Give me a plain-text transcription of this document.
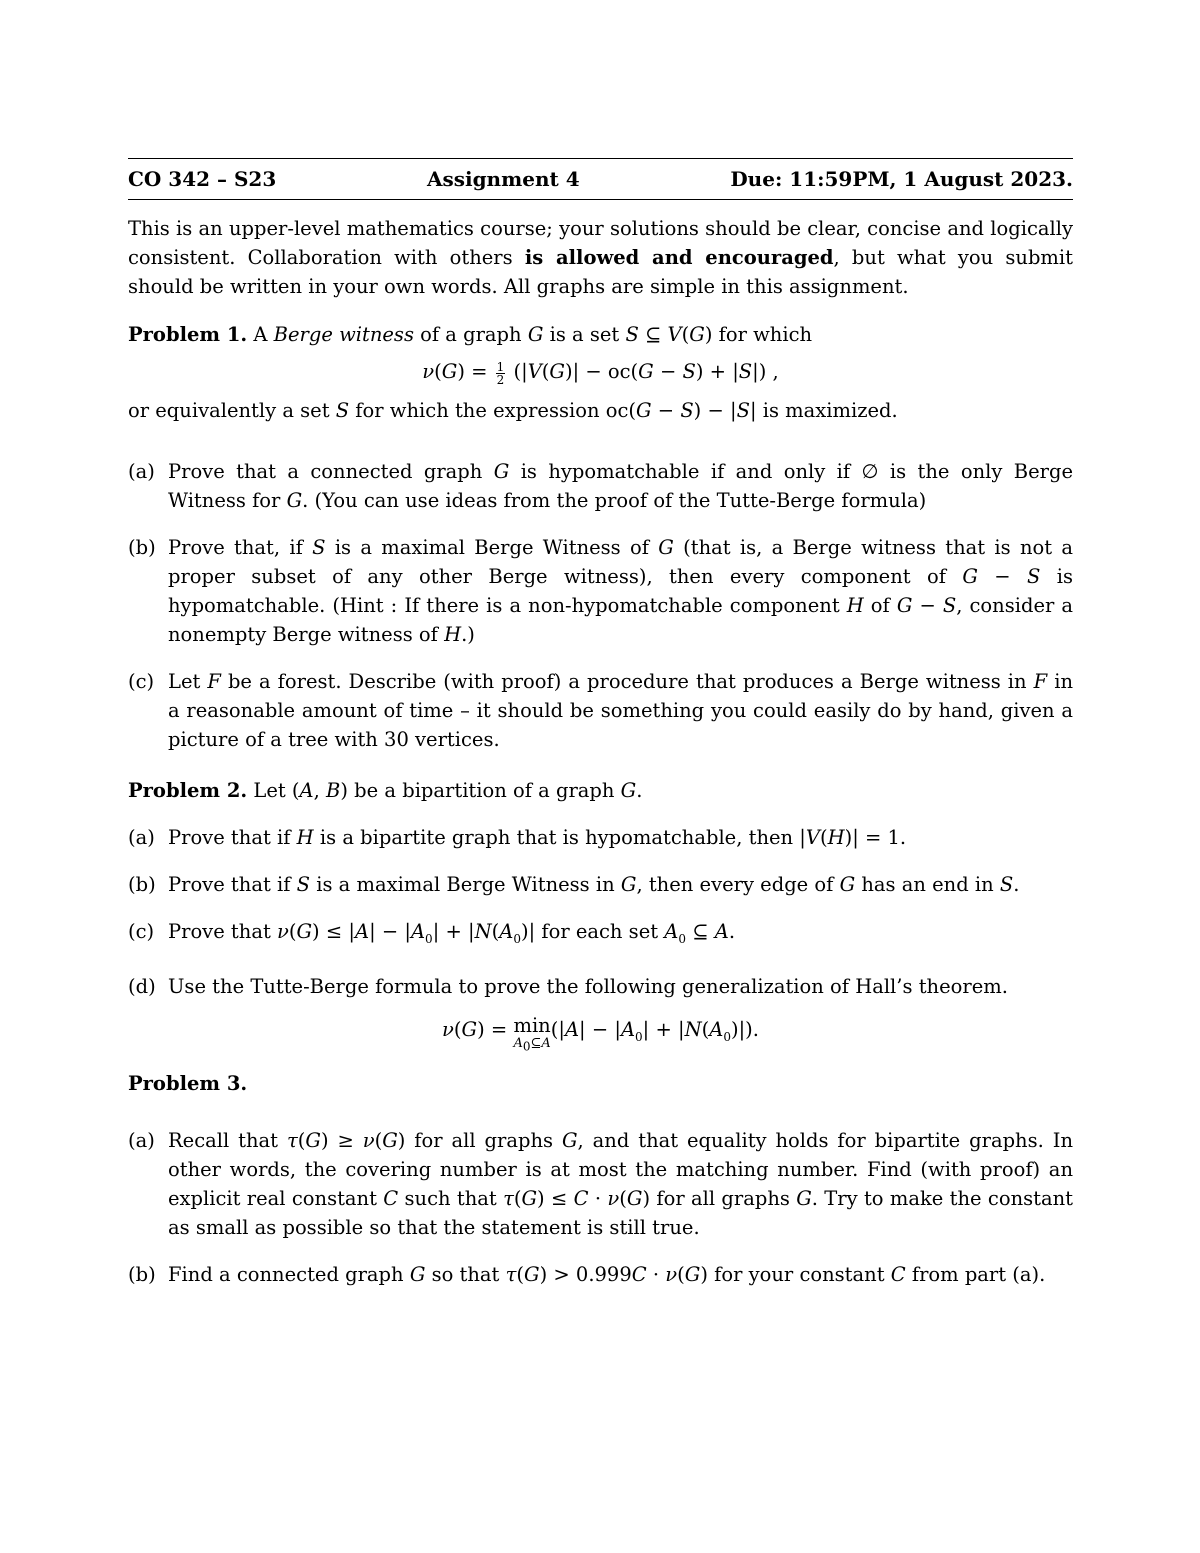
CO 342 – S23	Assignment 4	Due: 11:59PM, 1 August 2023.
This is an upper-level mathematics course; your solutions should be clear, concise and logically consistent. Collaboration with others is allowed and encouraged, but what you submit should be written in your own words. All graphs are simple in this assignment.
Problem 1. A Berge witness of a graph G is a set S ⊆ V(G) for which
$\nu(G) = \frac{1}{2} (|V(G)| - oc(G - S) + |S|)$ ,
or equivalently a set S for which the expression oc(G − S) − |S| is maximized.
(a) Prove that a connected graph G is hypomatchable if and only if ∅ is the only Berge Witness for G. (You can use ideas from the proof of the Tutte-Berge formula)
(b) Prove that, if S is a maximal Berge Witness of G (that is, a Berge witness that is not a proper subset of any other Berge witness), then every component of G − S is hypomatchable. (Hint : If there is a non-hypomatchable component H of G − S, consider a nonempty Berge witness of H.)
(c) Let F be a forest. Describe (with proof) a procedure that produces a Berge witness in F in a reasonable amount of time – it should be something you could easily do by hand, given a picture of a tree with 30 vertices.
Problem 2. Let (A, B) be a bipartition of a graph G.
(a) Prove that if H is a bipartite graph that is hypomatchable, then |V(H)| = 1.
(b) Prove that if S is a maximal Berge Witness in G, then every edge of G has an end in S.
(c) Prove that $\nu(G) \le |A| - |A_0| + |N(A_0)|$ for each set $A_0$ ⊆ A.
(d) Use the Tutte-Berge formula to prove the following generalization of Hall’s theorem.
ν(G) = min
$A_0⊆A$
$(|A| - |A_0| + |N(A_0)|)$.
Problem 3.
(a) Recall that τ(G) ≥ ν(G) for all graphs G, and that equality holds for bipartite graphs. In other words, the covering number is at most the matching number. Find (with proof) an explicit real constant C such that τ(G) ≤ C · ν(G) for all graphs G. Try to make the constant as small as possible so that the statement is still true.
(b) Find a connected graph G so that τ(G) > 0.999C · ν(G) for your constant C from part (a).
